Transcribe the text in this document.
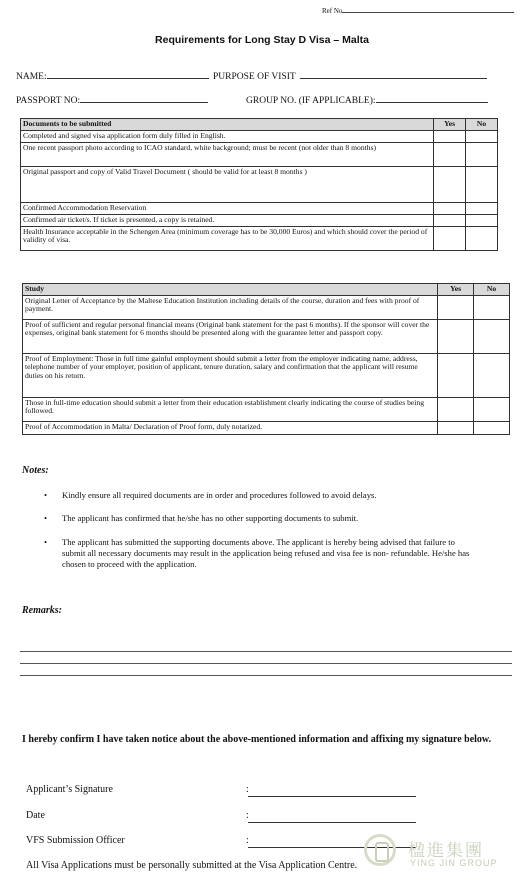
Ref No
Requirements for Long Stay D Visa – Malta
NAME:	PURPOSE OF VISIT
PASSPORT NO:	GROUP NO. (IF APPLICABLE):
Documents to be submitted	Yes	No
Completed and signed visa application form duly filled in English.		
One recent passport photo according to ICAO standard, white background; must be recent (not older than 8 months)		
Original passport and copy of Valid Travel Document ( should be valid for at least 8 months )		
Confirmed Accommodation Reservation		
Confirmed air ticket/s. If ticket is presented, a copy is retained.		
Health Insurance acceptable in the Schengen Area (minimum coverage has to be 30,000 Euros) and which should cover the period of validity of visa.		
Study	Yes	No
Original Letter of Acceptance by the Maltese Education Institution including details of the course, duration and fees with proof of payment.		
Proof of sufficient and regular personal financial means (Original bank statement for the past 6 months). If the sponsor will cover the expenses, original bank statement for 6 months should be presented along with the guarantee letter and passport copy.		
Proof of Employment: Those in full time gainful employment should submit a letter from the employer indicating name, address, telephone number of your employer, position of applicant, tenure duration, salary and confirmation that the applicant will resume duties on his return.		
Those in full-time education should submit a letter from their education establishment clearly indicating the course of studies being followed.		
Proof of Accommodation in Malta/ Declaration of Proof form, duly notarized.		
Notes:
• Kindly ensure all required documents are in order and procedures followed to avoid delays.
• The applicant has confirmed that he/she has no other supporting documents to submit.
• The applicant has submitted the supporting documents above. The applicant is hereby being advised that failure to submit all necessary documents may result in the application being refused and visa fee is non- refundable. He/she has chosen to proceed with the application.
Remarks:
I hereby confirm I have taken notice about the above-mentioned information and affixing my signature below.
Applicant’s Signature	:
Date	:
VFS Submission Officer	:
楹進集團
YING JIN GROUP
All Visa Applications must be personally submitted at the Visa Application Centre.
